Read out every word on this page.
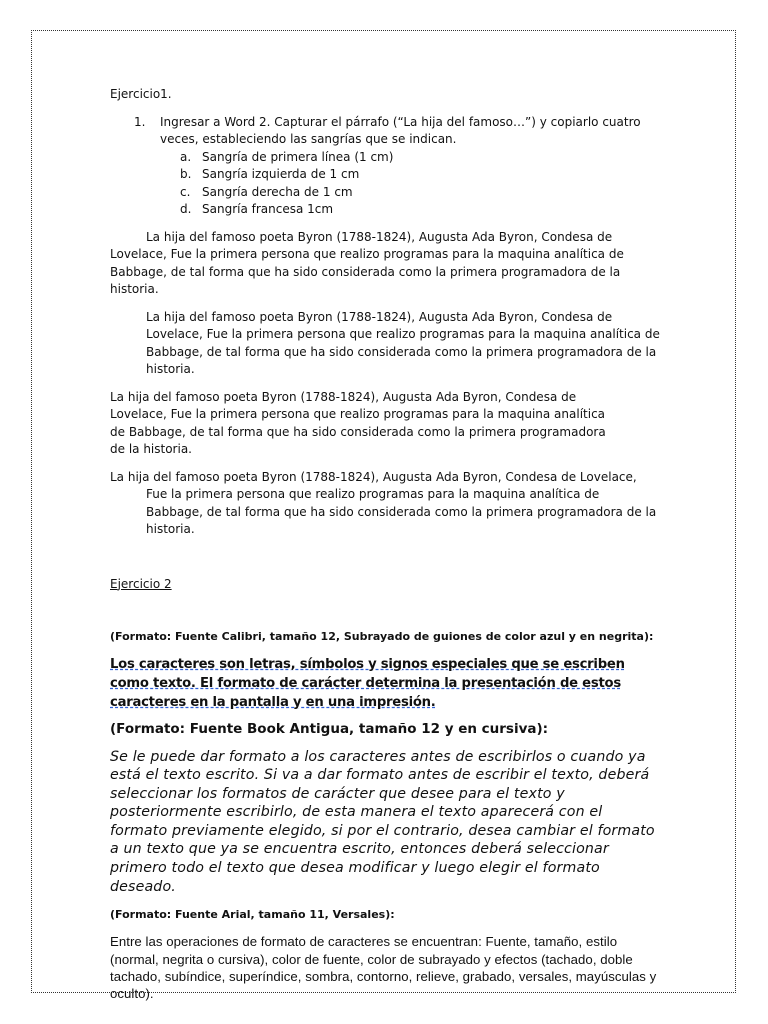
Ejercicio1.

1. Ingresar a Word 2. Capturar el párrafo (“La hija del famoso…”) y copiarlo cuatro veces, estableciendo las sangrías que se indican.

a. Sangría de primera línea (1 cm)
b. Sangría izquierda de 1 cm
c. Sangría derecha de 1 cm
d. Sangría francesa 1cm

La hija del famoso poeta Byron (1788-1824), Augusta Ada Byron, Condesa de Lovelace, Fue la primera persona que realizo programas para la maquina analítica de Babbage, de tal forma que ha sido considerada como la primera programadora de la historia.

La hija del famoso poeta Byron (1788-1824), Augusta Ada Byron, Condesa de Lovelace, Fue la primera persona que realizo programas para la maquina analítica de Babbage, de tal forma que ha sido considerada como la primera programadora de la historia.

La hija del famoso poeta Byron (1788-1824), Augusta Ada Byron, Condesa de Lovelace, Fue la primera persona que realizo programas para la maquina analítica de Babbage, de tal forma que ha sido considerada como la primera programadora de la historia.

La hija del famoso poeta Byron (1788-1824), Augusta Ada Byron, Condesa de Lovelace, Fue la primera persona que realizo programas para la maquina analítica de Babbage, de tal forma que ha sido considerada como la primera programadora de la historia.

Ejercicio 2

(Formato: Fuente Calibri, tamaño 12, Subrayado de guiones de color azul y en negrita):

Los caracteres son letras, símbolos y signos especiales que se escriben como texto. El formato de carácter determina la presentación de estos caracteres en la pantalla y en una impresión.

(Formato: Fuente Book Antigua, tamaño 12 y en cursiva):

Se le puede dar formato a los caracteres antes de escribirlos o cuando ya está el texto escrito. Si va a dar formato antes de escribir el texto, deberá seleccionar los formatos de carácter que desee para el texto y posteriormente escribirlo, de esta manera el texto aparecerá con el formato previamente elegido, si por el contrario, desea cambiar el formato a un texto que ya se encuentra escrito, entonces deberá seleccionar primero todo el texto que desea modificar y luego elegir el formato deseado.

(Formato: Fuente Arial, tamaño 11, Versales):

Entre las operaciones de formato de caracteres se encuentran: Fuente, tamaño, estilo (normal, negrita o cursiva), color de fuente, color de subrayado y efectos (tachado, doble tachado, subíndice, superíndice, sombra, contorno, relieve, grabado, versales, mayúsculas y oculto).
